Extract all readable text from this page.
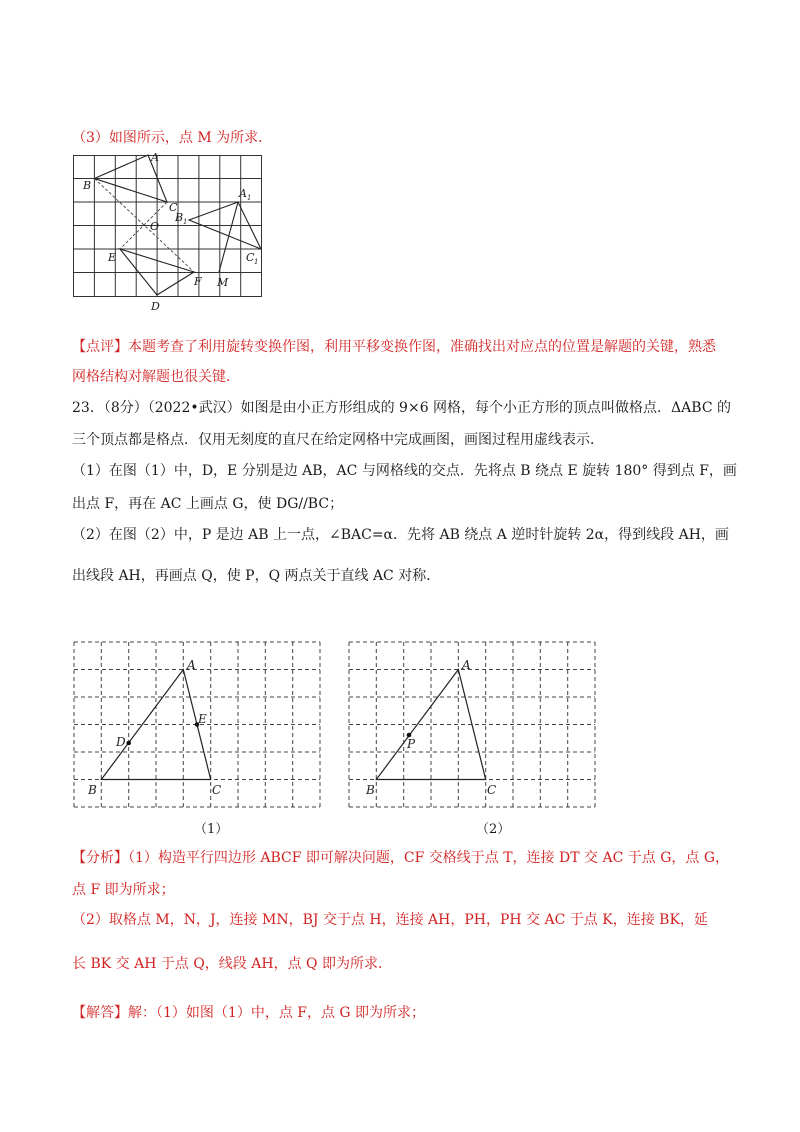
（3）如图所示，点 M 为所求．
A
B
C
A 1
B 1
C 1
O
E
F
D
M
【点评】本题考查了利用旋转变换作图，利用平移变换作图，准确找出对应点的位置是解题的关键，熟悉
网格结构对解题也很关键．
23．（8分）（2022•武汉）如图是由小正方形组成的 9×6 网格，每个小正方形的顶点叫做格点．ΔABC 的
三个顶点都是格点．仅用无刻度的直尺在给定网格中完成画图，画图过程用虚线表示．
（1）在图（1）中，D，E 分别是边 AB，AC 与网格线的交点．先将点 B 绕点 E 旋转 180° 得到点 F，画
出点 F，再在 AC 上画点 G，使 DG//BC；
（2）在图（2）中，P 是边 AB 上一点，∠BAC=α．先将 AB 绕点 A 逆时针旋转 2α，得到线段 AH，画
出线段 AH，再画点 Q，使 P，Q 两点关于直线 AC 对称．
A
B	C
D
E
（1）
A
B	C
P
（2）
【分析】（1）构造平行四边形 ABCF 即可解决问题，CF 交格线于点 T，连接 DT 交 AC 于点 G，点 G，
点 F 即为所求；
（2）取格点 M，N，J，连接 MN，BJ 交于点 H，连接 AH，PH，PH 交 AC 于点 K，连接 BK，延
长 BK 交 AH 于点 Q，线段 AH，点 Q 即为所求．
【解答】解：（1）如图（1）中，点 F，点 G 即为所求；
